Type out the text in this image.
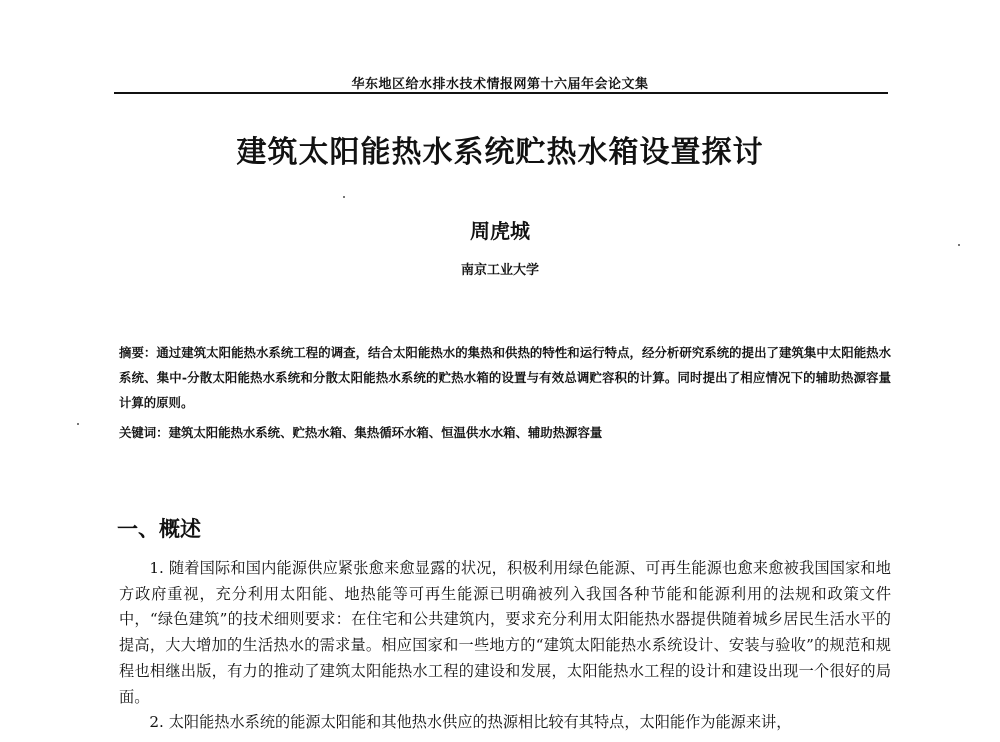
华东地区给水排水技术情报网第十六届年会论文集
建筑太阳能热水系统贮热水箱设置探讨
周虎城
南京工业大学
摘要：通过建筑太阳能热水系统工程的调查，结合太阳能热水的集热和供热的特性和运行特点，经分析研究系统的提出了建筑集中太阳能热水系统、集中-分散太阳能热水系统和分散太阳能热水系统的贮热水箱的设置与有效总调贮容积的计算。同时提出了相应情况下的辅助热源容量计算的原则。
关键词：建筑太阳能热水系统、贮热水箱、集热循环水箱、恒温供水水箱、辅助热源容量
一、概述

1. 随着国际和国内能源供应紧张愈来愈显露的状况，积极利用绿色能源、可再生能源也愈来愈被我国国家和地方政府重视，充分利用太阳能、地热能等可再生能源已明确被列入我国各种节能和能源利用的法规和政策文件中，“绿色建筑”的技术细则要求：在住宅和公共建筑内，要求充分利用太阳能热水器提供随着城乡居民生活水平的提高，大大增加的生活热水的需求量。相应国家和一些地方的“建筑太阳能热水系统设计、安装与验收”的规范和规程也相继出版，有力的推动了建筑太阳能热水工程的建设和发展，太阳能热水工程的设计和建设出现一个很好的局面。

2. 太阳能热水系统的能源太阳能和其他热水供应的热源相比较有其特点，太阳能作为能源来讲，
